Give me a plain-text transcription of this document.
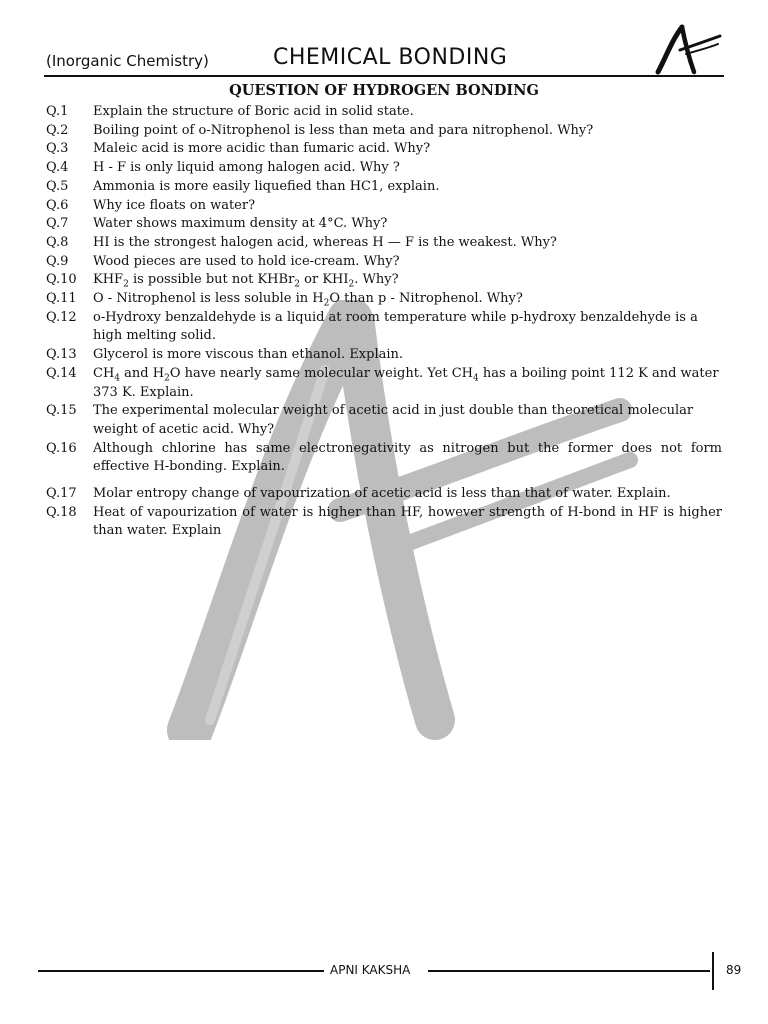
(Inorganic Chemistry)	CHEMICAL BONDING
QUESTION OF HYDROGEN BONDING
Q.1	Explain the structure of Boric acid in solid state.
Q.2	Boiling point of o-Nitrophenol is less than meta and para nitrophenol. Why?
Q.3	Maleic acid is more acidic than fumaric acid. Why?
Q.4	H - F is only liquid among halogen acid. Why ?
Q.5	Ammonia is more easily liquefied than HC1, explain.
Q.6	Why ice floats on water?
Q.7	Water shows maximum density at 4°C. Why?
Q.8	HI is the strongest halogen acid, whereas H — F is the weakest. Why?
Q.9	Wood pieces are used to hold ice-cream. Why?
Q.10	$KHF_2$ is possible but not KHBr$_2$ or $KHI_2$. Why?
Q.11	O - Nitrophenol is less soluble in $H_2O$ than p - Nitrophenol. Why?
Q.12	o-Hydroxy benzaldehyde is a liquid at room temperature while p-hydroxy benzaldehyde is a high melting solid.
Q.13	Glycerol is more viscous than ethanol. Explain.
Q.14	$CH_4$ and $H_2O$ have nearly same molecular weight. Yet $CH_4$ has a boiling point 112 K and water 373 K. Explain.
Q.15	The experimental molecular weight of acetic acid in just double than theoretical molecular weight of acetic acid. Why?
Q.16	Although chlorine has same electronegativity as nitrogen but the former does not form effective H-bonding. Explain.
Q.17	Molar entropy change of vapourization of acetic acid is less than that of water. Explain.
Q.18	Heat of vapourization of water is higher than HF, however strength of H-bond in HF is higher than water. Explain
APNI KAKSHA	89
